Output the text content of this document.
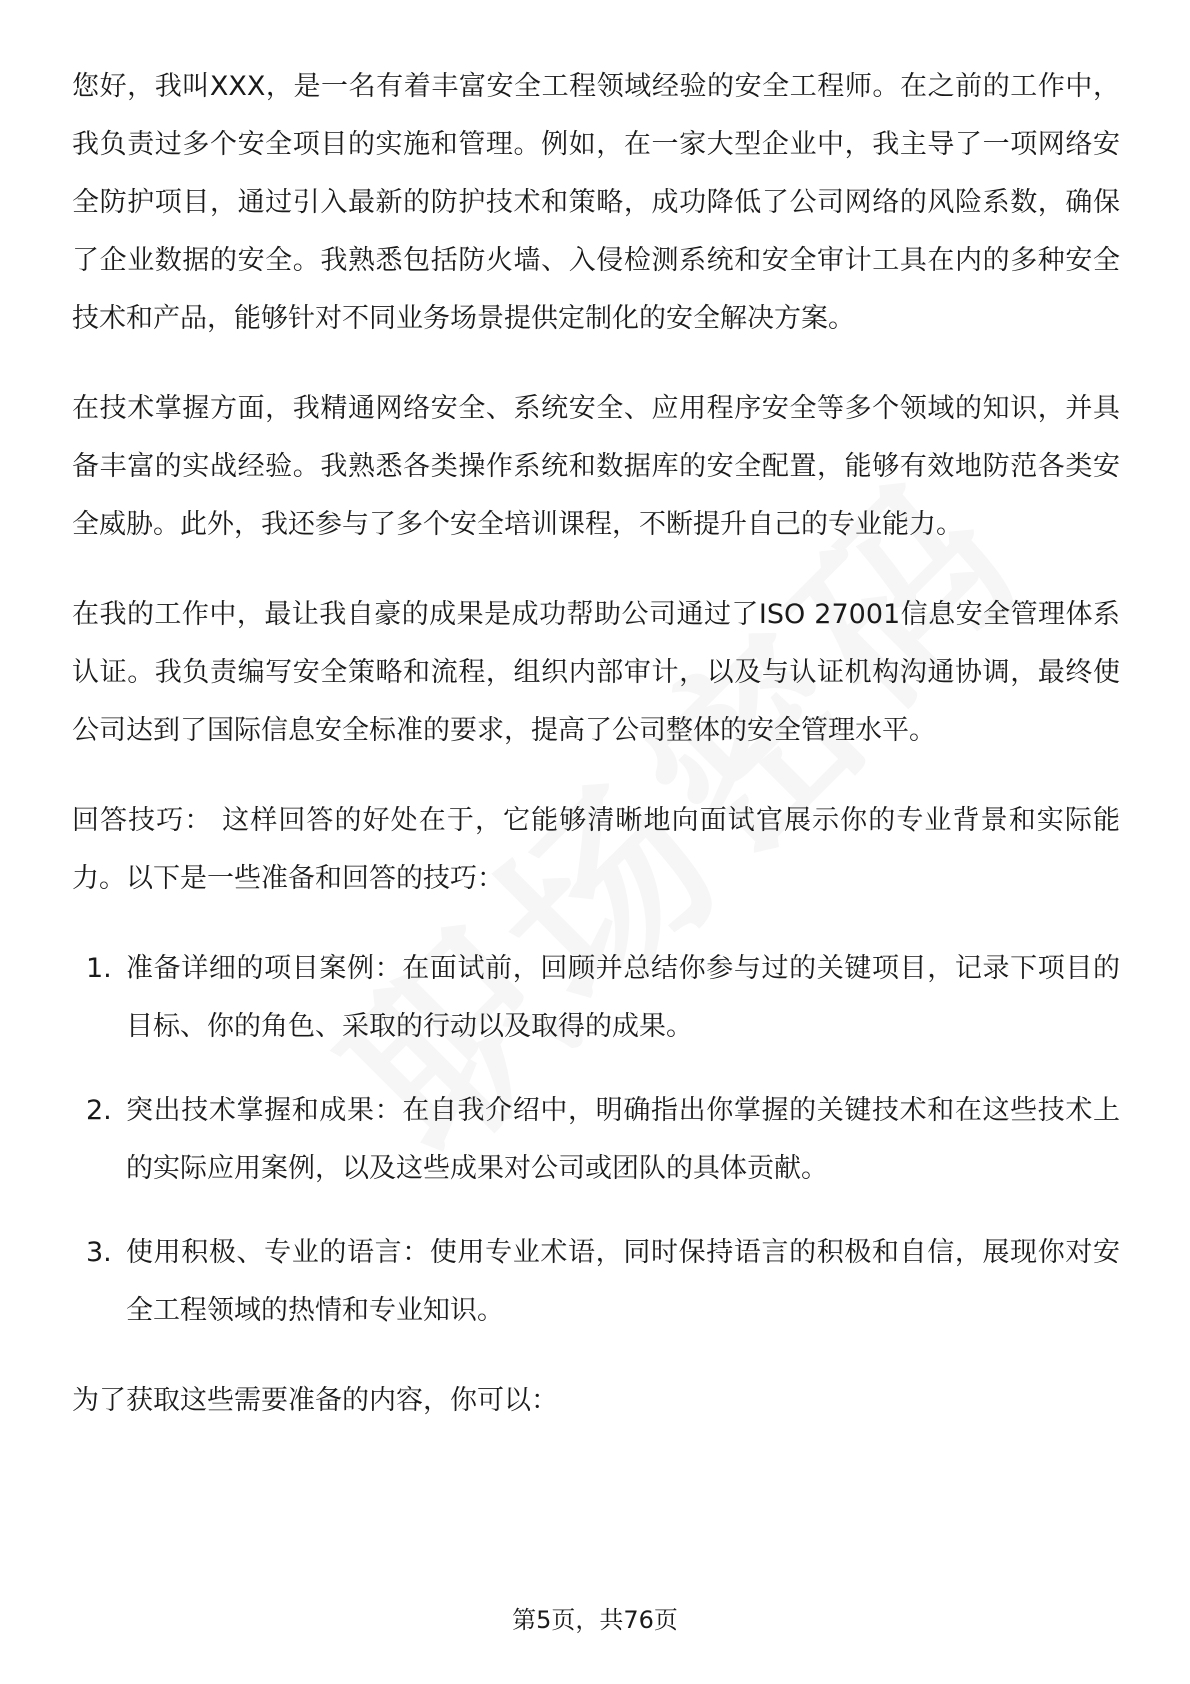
您好，我叫XXX，是一名有着丰富安全工程领域经验的安全工程师。在之前的工作中，我负责过多个安全项目的实施和管理。例如，在一家大型企业中，我主导了一项网络安全防护项目，通过引入最新的防护技术和策略，成功降低了公司网络的风险系数，确保了企业数据的安全。我熟悉包括防火墙、入侵检测系统和安全审计工具在内的多种安全技术和产品，能够针对不同业务场景提供定制化的安全解决方案。

在技术掌握方面，我精通网络安全、系统安全、应用程序安全等多个领域的知识，并具备丰富的实战经验。我熟悉各类操作系统和数据库的安全配置，能够有效地防范各类安全威胁。此外，我还参与了多个安全培训课程，不断提升自己的专业能力。

在我的工作中，最让我自豪的成果是成功帮助公司通过了ISO 27001信息安全管理体系认证。我负责编写安全策略和流程，组织内部审计，以及与认证机构沟通协调，最终使公司达到了国际信息安全标准的要求，提高了公司整体的安全管理水平。

回答技巧： 这样回答的好处在于，它能够清晰地向面试官展示你的专业背景和实际能力。以下是一些准备和回答的技巧：

1. 准备详细的项目案例：在面试前，回顾并总结你参与过的关键项目，记录下项目的目标、你的角色、采取的行动以及取得的成果。
2. 突出技术掌握和成果：在自我介绍中，明确指出你掌握的关键技术和在这些技术上的实际应用案例，以及这些成果对公司或团队的具体贡献。
3. 使用积极、专业的语言：使用专业术语，同时保持语言的积极和自信，展现你对安全工程领域的热情和专业知识。

为了获取这些需要准备的内容，你可以：

第5页，共76页
